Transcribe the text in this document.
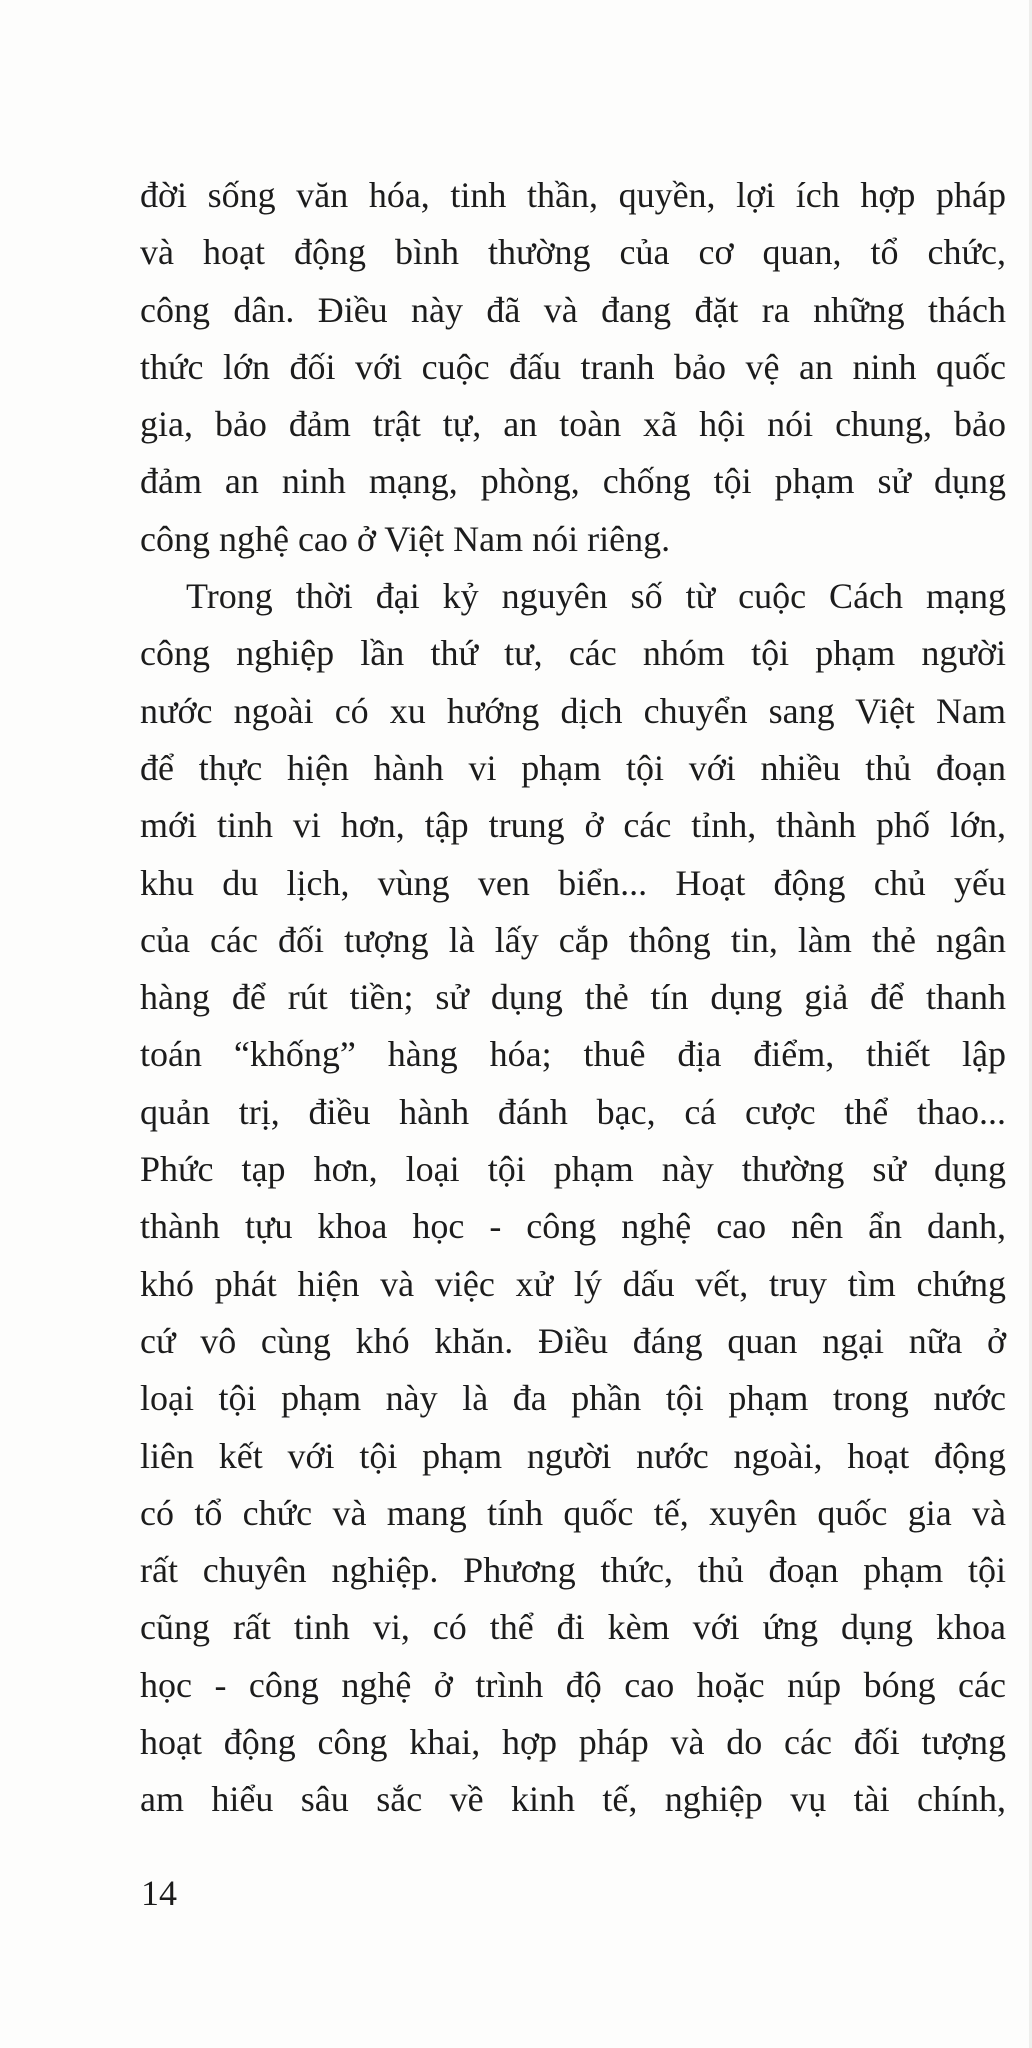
đời sống văn hóa, tinh thần, quyền, lợi ích hợp pháp
và hoạt động bình thường của cơ quan, tổ chức,
công dân. Điều này đã và đang đặt ra những thách
thức lớn đối với cuộc đấu tranh bảo vệ an ninh quốc
gia, bảo đảm trật tự, an toàn xã hội nói chung, bảo
đảm an ninh mạng, phòng, chống tội phạm sử dụng
công nghệ cao ở Việt Nam nói riêng.
Trong thời đại kỷ nguyên số từ cuộc Cách mạng
công nghiệp lần thứ tư, các nhóm tội phạm người
nước ngoài có xu hướng dịch chuyển sang Việt Nam
để thực hiện hành vi phạm tội với nhiều thủ đoạn
mới tinh vi hơn, tập trung ở các tỉnh, thành phố lớn,
khu du lịch, vùng ven biển... Hoạt động chủ yếu
của các đối tượng là lấy cắp thông tin, làm thẻ ngân
hàng để rút tiền; sử dụng thẻ tín dụng giả để thanh
toán “khống” hàng hóa; thuê địa điểm, thiết lập
quản trị, điều hành đánh bạc, cá cược thể thao...
Phức tạp hơn, loại tội phạm này thường sử dụng
thành tựu khoa học - công nghệ cao nên ẩn danh,
khó phát hiện và việc xử lý dấu vết, truy tìm chứng
cứ vô cùng khó khăn. Điều đáng quan ngại nữa ở
loại tội phạm này là đa phần tội phạm trong nước
liên kết với tội phạm người nước ngoài, hoạt động
có tổ chức và mang tính quốc tế, xuyên quốc gia và
rất chuyên nghiệp. Phương thức, thủ đoạn phạm tội
cũng rất tinh vi, có thể đi kèm với ứng dụng khoa
học - công nghệ ở trình độ cao hoặc núp bóng các
hoạt động công khai, hợp pháp và do các đối tượng
am hiểu sâu sắc về kinh tế, nghiệp vụ tài chính,
14
